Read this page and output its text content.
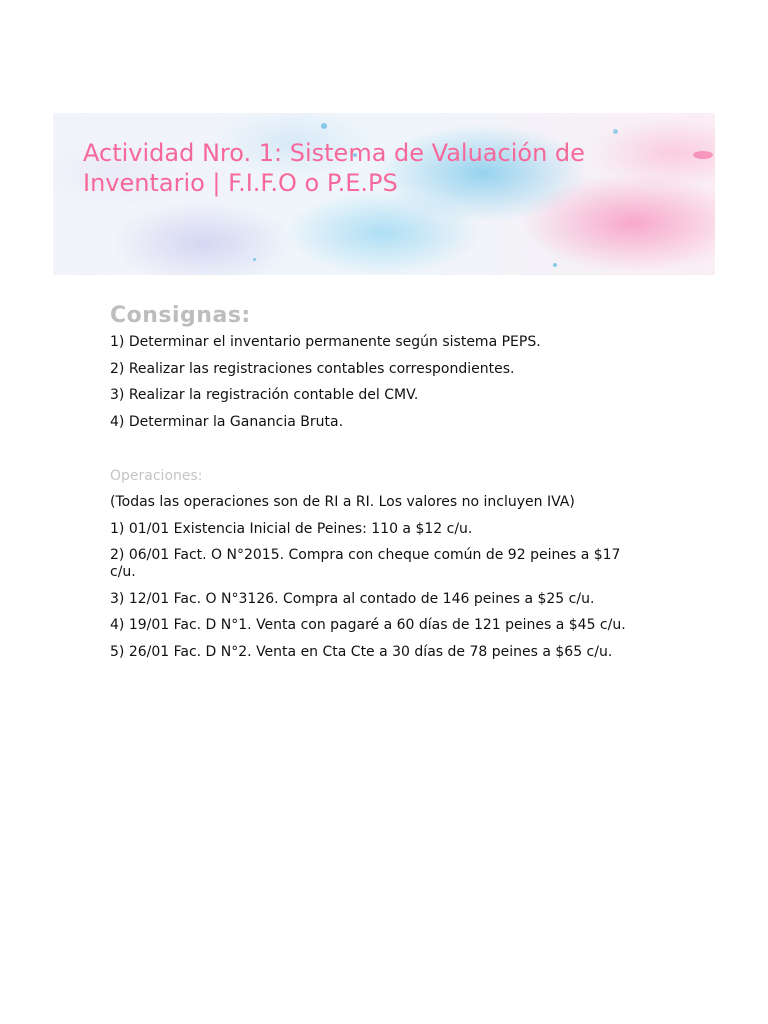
Actividad Nro. 1: Sistema de Valuación de Inventario | F.I.F.O o P.E.PS
Consignas:

1) Determinar el inventario permanente según sistema PEPS.

2) Realizar las registraciones contables correspondientes.

3) Realizar la registración contable del CMV.

4) Determinar la Ganancia Bruta.

Operaciones:

(Todas las operaciones son de RI a RI. Los valores no incluyen IVA)

1) 01/01 Existencia Inicial de Peines: 110 a $12 c/u.

2) 06/01 Fact. O N°2015. Compra con cheque común de 92 peines a $17 c/u.

3) 12/01 Fac. O N°3126. Compra al contado de 146 peines a $25 c/u.

4) 19/01 Fac. D N°1. Venta con pagaré a 60 días de 121 peines a $45 c/u.

5) 26/01 Fac. D N°2. Venta en Cta Cte a 30 días de 78 peines a $65 c/u.
